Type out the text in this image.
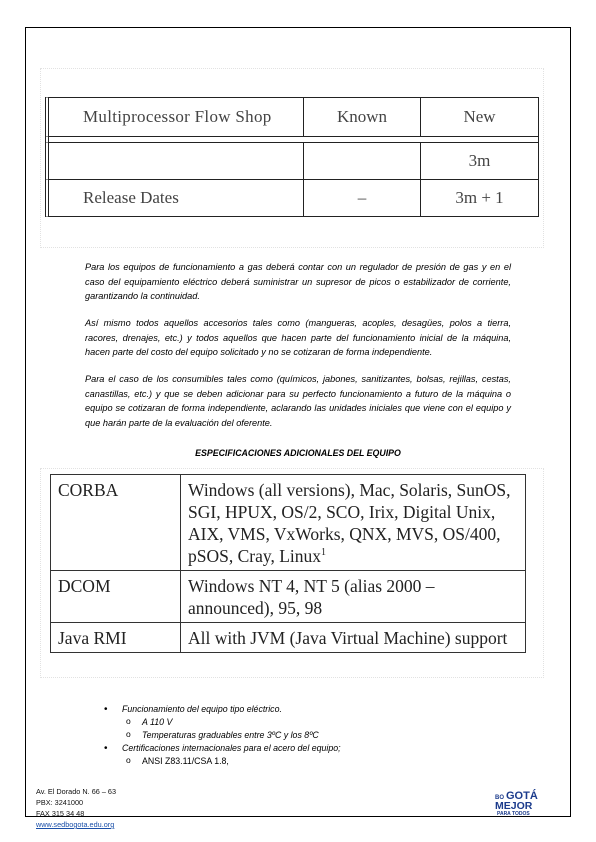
Multiprocessor Flow Shop	Known	New

		3m
Release Dates	–	3m + 1

Para los equipos de funcionamiento a gas deberá contar con un regulador de presión de gas y en el caso del equipamiento eléctrico deberá suministrar un supresor de picos o estabilizador de corriente, garantizando la continuidad.

Así mismo todos aquellos accesorios tales como (mangueras, acoples, desagües, polos a tierra, racores, drenajes, etc.) y todos aquellos que hacen parte del funcionamiento inicial de la máquina, hacen parte del costo del equipo solicitado y no se cotizaran de forma independiente.

Para el caso de los consumibles tales como (químicos, jabones, sanitizantes, bolsas, rejillas, cestas, canastillas, etc.) y que se deben adicionar para su perfecto funcionamiento a futuro de la máquina o equipo se cotizaran de forma independiente, aclarando las unidades iniciales que viene con el equipo y que harán parte de la evaluación del oferente.

ESPECIFICACIONES ADICIONALES DEL EQUIPO
CORBA	Windows (all versions), Mac, Solaris, SunOS, SGI, HPUX, OS/2, SCO, Irix, Digital Unix, AIX, VMS, VxWorks, QNX, MVS, OS/400, pSOS, Cray, Linux$^1$
DCOM	Windows NT 4, NT 5 (alias 2000 – announced), 95, 98
Java RMI	All with JVM (Java Virtual Machine) support
• Funcionamiento del equipo tipo eléctrico.
o A 110 V
o Temperaturas graduables entre 3ºC y los 8ºC
• Certificaciones internacionales para el acero del equipo;
o ANSI Z83.11/CSA 1.8,
Av. El Dorado N. 66 – 63
PBX: 3241000
FAX 315 34 48
www.sedbogota.edu.org
BO GOTÁ
MEJOR
PARA TODOS
